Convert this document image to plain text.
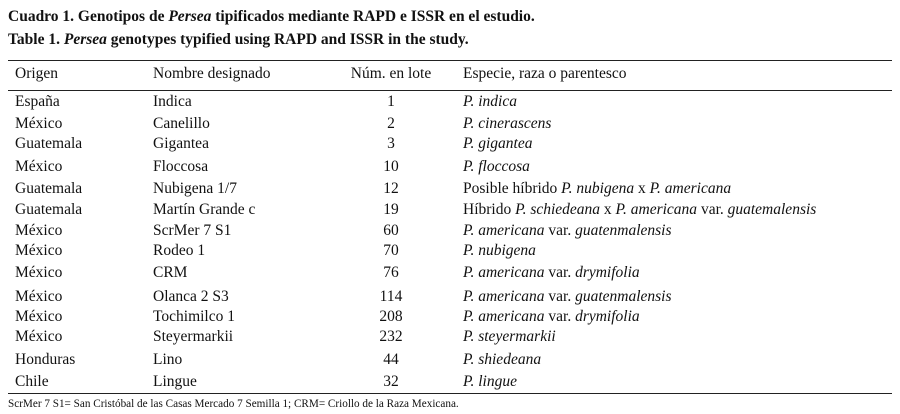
Cuadro 1. Genotipos de Persea tipificados mediante RAPD e ISSR en el estudio.
Table 1. Persea genotypes typified using RAPD and ISSR in the study.
Origen	Nombre designado	Núm. en lote	Especie, raza o parentesco
España	Indica	1	P. indica
México	Canelillo	2	P. cinerascens
Guatemala	Gigantea	3	P. gigantea
México	Floccosa	10	P. floccosa
Guatemala	Nubigena 1/7	12	Posible híbrido P. nubigena x P. americana
Guatemala	Martín Grande c	19	Híbrido P. schiedeana x P. americana var. guatemalensis
México	ScrMer 7 S1	60	P. americana var. guatenmalensis
México	Rodeo 1	70	P. nubigena
México	CRM	76	P. americana var. drymifolia
México	Olanca 2 S3	114	P. americana var. guatenmalensis
México	Tochimilco 1	208	P. americana var. drymifolia
México	Steyermarkii	232	P. steyermarkii
Honduras	Lino	44	P. shiedeana
Chile	Lingue	32	P. lingue
ScrMer 7 S1= San Cristóbal de las Casas Mercado 7 Semilla 1; CRM= Criollo de la Raza Mexicana.
